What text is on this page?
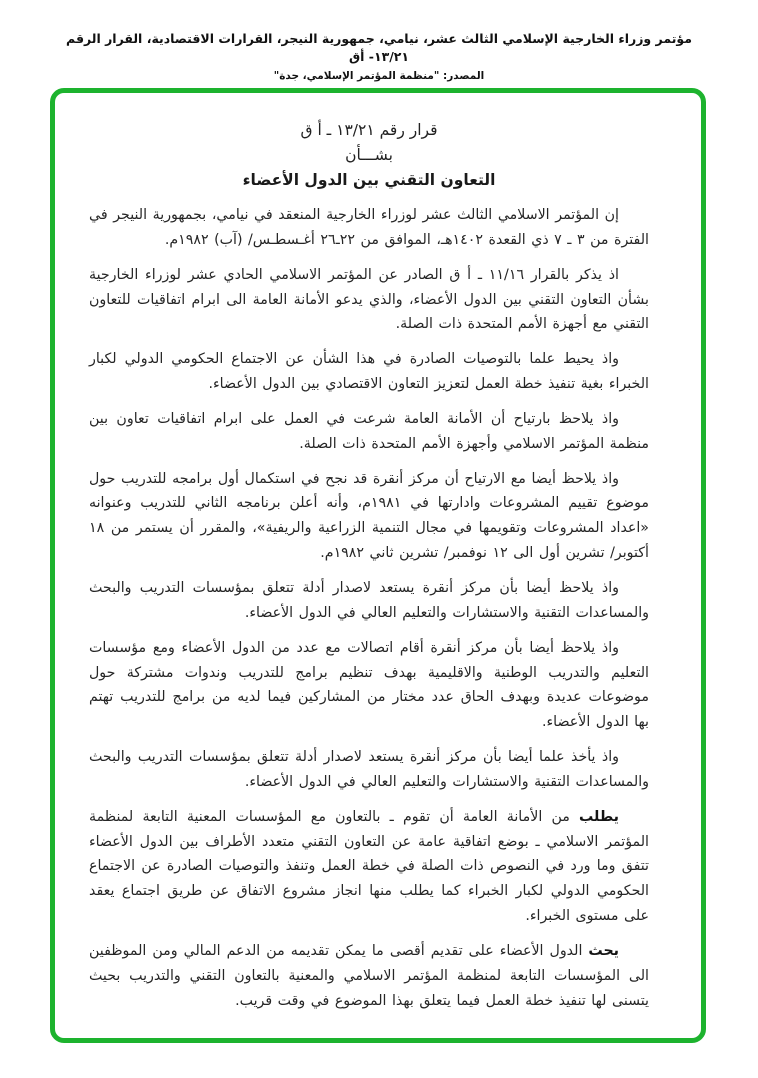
مؤتمر وزراء الخارجية الإسلامي الثالث عشر، نيامي، جمهورية النيجر، القرارات الاقتصادية، القرار الرقم ١٣/٢١- أق
المصدر: "منظمة المؤتمر الإسلامي، جدة"
قرار رقم ١٣/٢١ ـ أ ق
بشـــأن
التعاون التقني بين الدول الأعضاء

إن المؤتمر الاسلامي الثالث عشر لوزراء الخارجية المنعقد في نيامي، بجمهورية النيجر في الفترة من ٣ ـ ٧ ذي القعدة ١٤٠٢هـ، الموافق من ٢٢ـ٢٦ أغـسطـس/ (آب) ١٩٨٢م.

اذ يذكر بالقرار ١١/١٦ ـ أ ق الصادر عن المؤتمر الاسلامي الحادي عشر لوزراء الخارجية بشأن التعاون التقني بين الدول الأعضاء، والذي يدعو الأمانة العامة الى ابرام اتفاقيات للتعاون التقني مع أجهزة الأمم المتحدة ذات الصلة.

واذ يحيط علما بالتوصيات الصادرة في هذا الشأن عن الاجتماع الحكومي الدولي لكبار الخبراء بغية تنفيذ خطة العمل لتعزيز التعاون الاقتصادي بين الدول الأعضاء.

واذ يلاحظ بارتياح أن الأمانة العامة شرعت في العمل على ابرام اتفاقيات تعاون بين منظمة المؤتمر الاسلامي وأجهزة الأمم المتحدة ذات الصلة.

واذ يلاحظ أيضا مع الارتياح أن مركز أنقرة قد نجح في استكمال أول برامجه للتدريب حول موضوع تقييم المشروعات وادارتها في ١٩٨١م، وأنه أعلن برنامجه الثاني للتدريب وعنوانه «اعداد المشروعات وتقويمها في مجال التنمية الزراعية والريفية»، والمقرر أن يستمر من ١٨ أكتوبر/ تشرين أول الى ١٢ نوفمبر/ تشرين ثاني ١٩٨٢م.

واذ يلاحظ أيضا بأن مركز أنقرة يستعد لاصدار أدلة تتعلق بمؤسسات التدريب والبحث والمساعدات التقنية والاستشارات والتعليم العالي في الدول الأعضاء.

واذ يلاحظ أيضا بأن مركز أنقرة أقام اتصالات مع عدد من الدول الأعضاء ومع مؤسسات التعليم والتدريب الوطنية والاقليمية بهدف تنظيم برامج للتدريب وندوات مشتركة حول موضوعات عديدة وبهدف الحاق عدد مختار من المشاركين فيما لديه من برامج للتدريب تهتم بها الدول الأعضاء.

واذ يأخذ علما أيضا بأن مركز أنقرة يستعد لاصدار أدلة تتعلق بمؤسسات التدريب والبحث والمساعدات التقنية والاستشارات والتعليم العالي في الدول الأعضاء.

يطلب من الأمانة العامة أن تقوم ـ بالتعاون مع المؤسسات المعنية التابعة لمنظمة المؤتمر الاسلامي ـ بوضع اتفاقية عامة عن التعاون التقني متعدد الأطراف بين الدول الأعضاء تتفق وما ورد في النصوص ذات الصلة في خطة العمل وتنفذ والتوصيات الصادرة عن الاجتماع الحكومي الدولي لكبار الخبراء كما يطلب منها انجاز مشروع الاتفاق عن طريق اجتماع يعقد على مستوى الخبراء.

يحث الدول الأعضاء على تقديم أقصى ما يمكن تقديمه من الدعم المالي ومن الموظفين الى المؤسسات التابعة لمنظمة المؤتمر الاسلامي والمعنية بالتعاون التقني والتدريب بحيث يتسنى لها تنفيذ خطة العمل فيما يتعلق بهذا الموضوع في وقت قريب.
